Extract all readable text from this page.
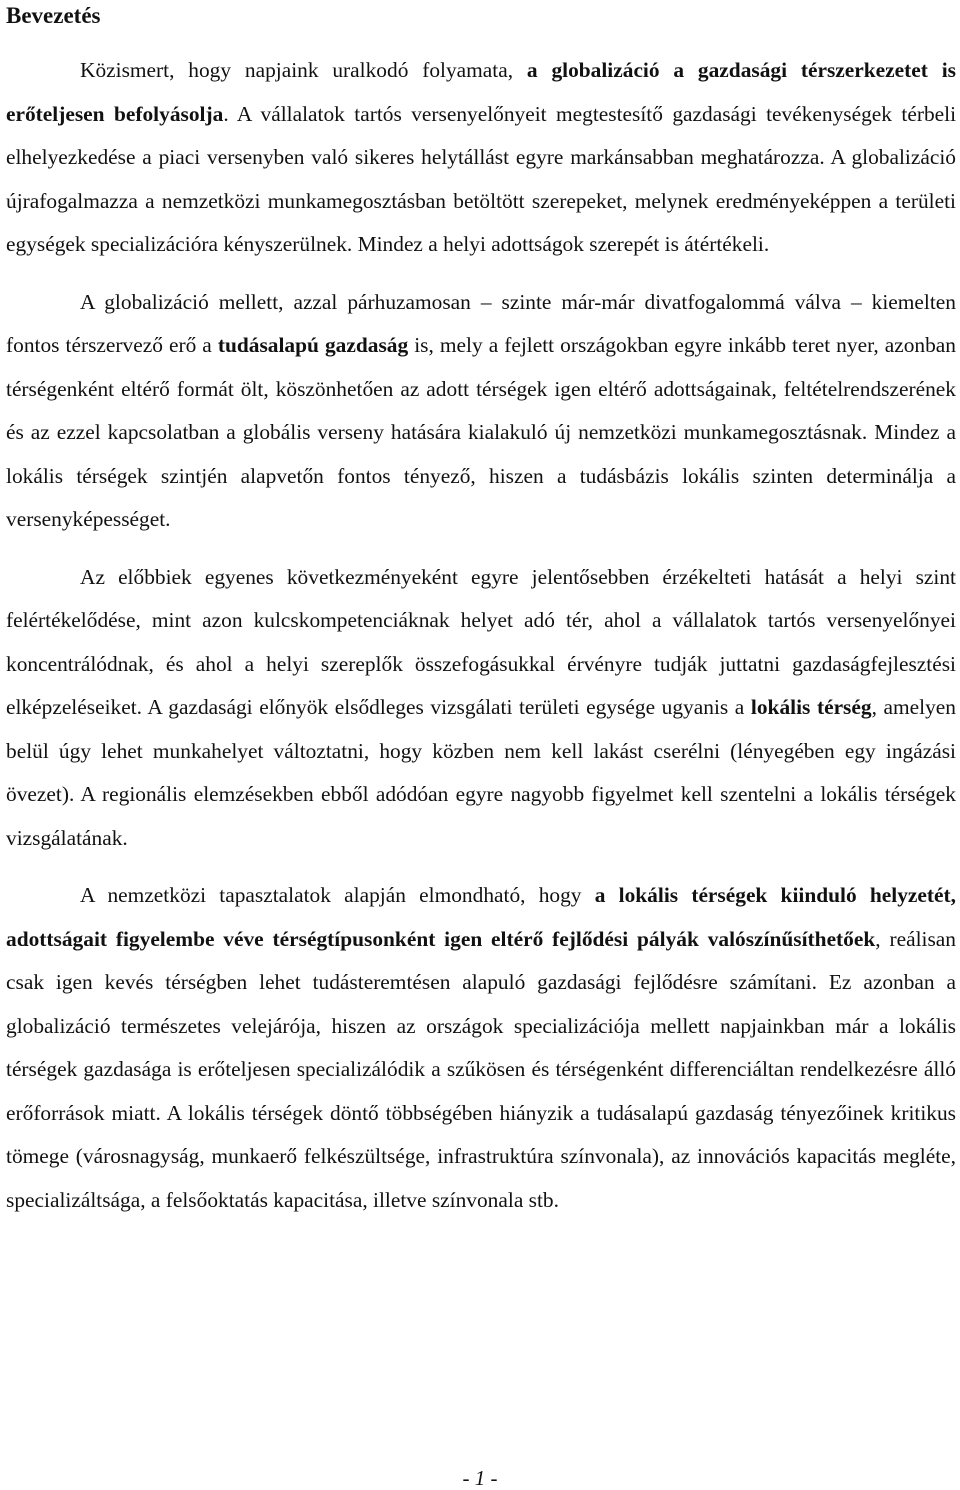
Bevezetés

Közismert, hogy napjaink uralkodó folyamata, a globalizáció a gazdasági térszerkezetet is erőteljesen befolyásolja. A vállalatok tartós versenyelőnyeit megtestesítő gazdasági tevékenységek térbeli elhelyezkedése a piaci versenyben való sikeres helytállást egyre markánsabban meghatározza. A globalizáció újrafogalmazza a nemzetközi munkamegosztásban betöltött szerepeket, melynek eredményeképpen a területi egységek specializációra kényszerülnek. Mindez a helyi adottságok szerepét is átértékeli.

A globalizáció mellett, azzal párhuzamosan ‒ szinte már-már divatfogalommá válva ‒ kiemelten fontos térszervező erő a tudásalapú gazdaság is, mely a fejlett országokban egyre inkább teret nyer, azonban térségenként eltérő formát ölt, köszönhetően az adott térségek igen eltérő adottságainak, feltételrendszerének és az ezzel kapcsolatban a globális verseny hatására kialakuló új nemzetközi munkamegosztásnak. Mindez a lokális térségek szintjén alapvetőn fontos tényező, hiszen a tudásbázis lokális szinten determinálja a versenyképességet.

Az előbbiek egyenes következményeként egyre jelentősebben érzékelteti hatását a helyi szint felértékelődése, mint azon kulcskompetenciáknak helyet adó tér, ahol a vállalatok tartós versenyelőnyei koncentrálódnak, és ahol a helyi szereplők összefogásukkal érvényre tudják juttatni gazdaságfejlesztési elképzeléseiket. A gazdasági előnyök elsődleges vizsgálati területi egysége ugyanis a lokális térség, amelyen belül úgy lehet munkahelyet változtatni, hogy közben nem kell lakást cserélni (lényegében egy ingázási övezet). A regionális elemzésekben ebből adódóan egyre nagyobb figyelmet kell szentelni a lokális térségek vizsgálatának.

A nemzetközi tapasztalatok alapján elmondható, hogy a lokális térségek kiinduló helyzetét, adottságait figyelembe véve térségtípusonként igen eltérő fejlődési pályák valószínűsíthetőek, reálisan csak igen kevés térségben lehet tudásteremtésen alapuló gazdasági fejlődésre számítani. Ez azonban a globalizáció természetes velejárója, hiszen az országok specializációja mellett napjainkban már a lokális térségek gazdasága is erőteljesen specializálódik a szűkösen és térségenként differenciáltan rendelkezésre álló erőforrások miatt. A lokális térségek döntő többségében hiányzik a tudásalapú gazdaság tényezőinek kritikus tömege (városnagyság, munkaerő felkészültsége, infrastruktúra színvonala), az innovációs kapacitás megléte, specializáltsága, a felsőoktatás kapacitása, illetve színvonala stb.

- 1 -
